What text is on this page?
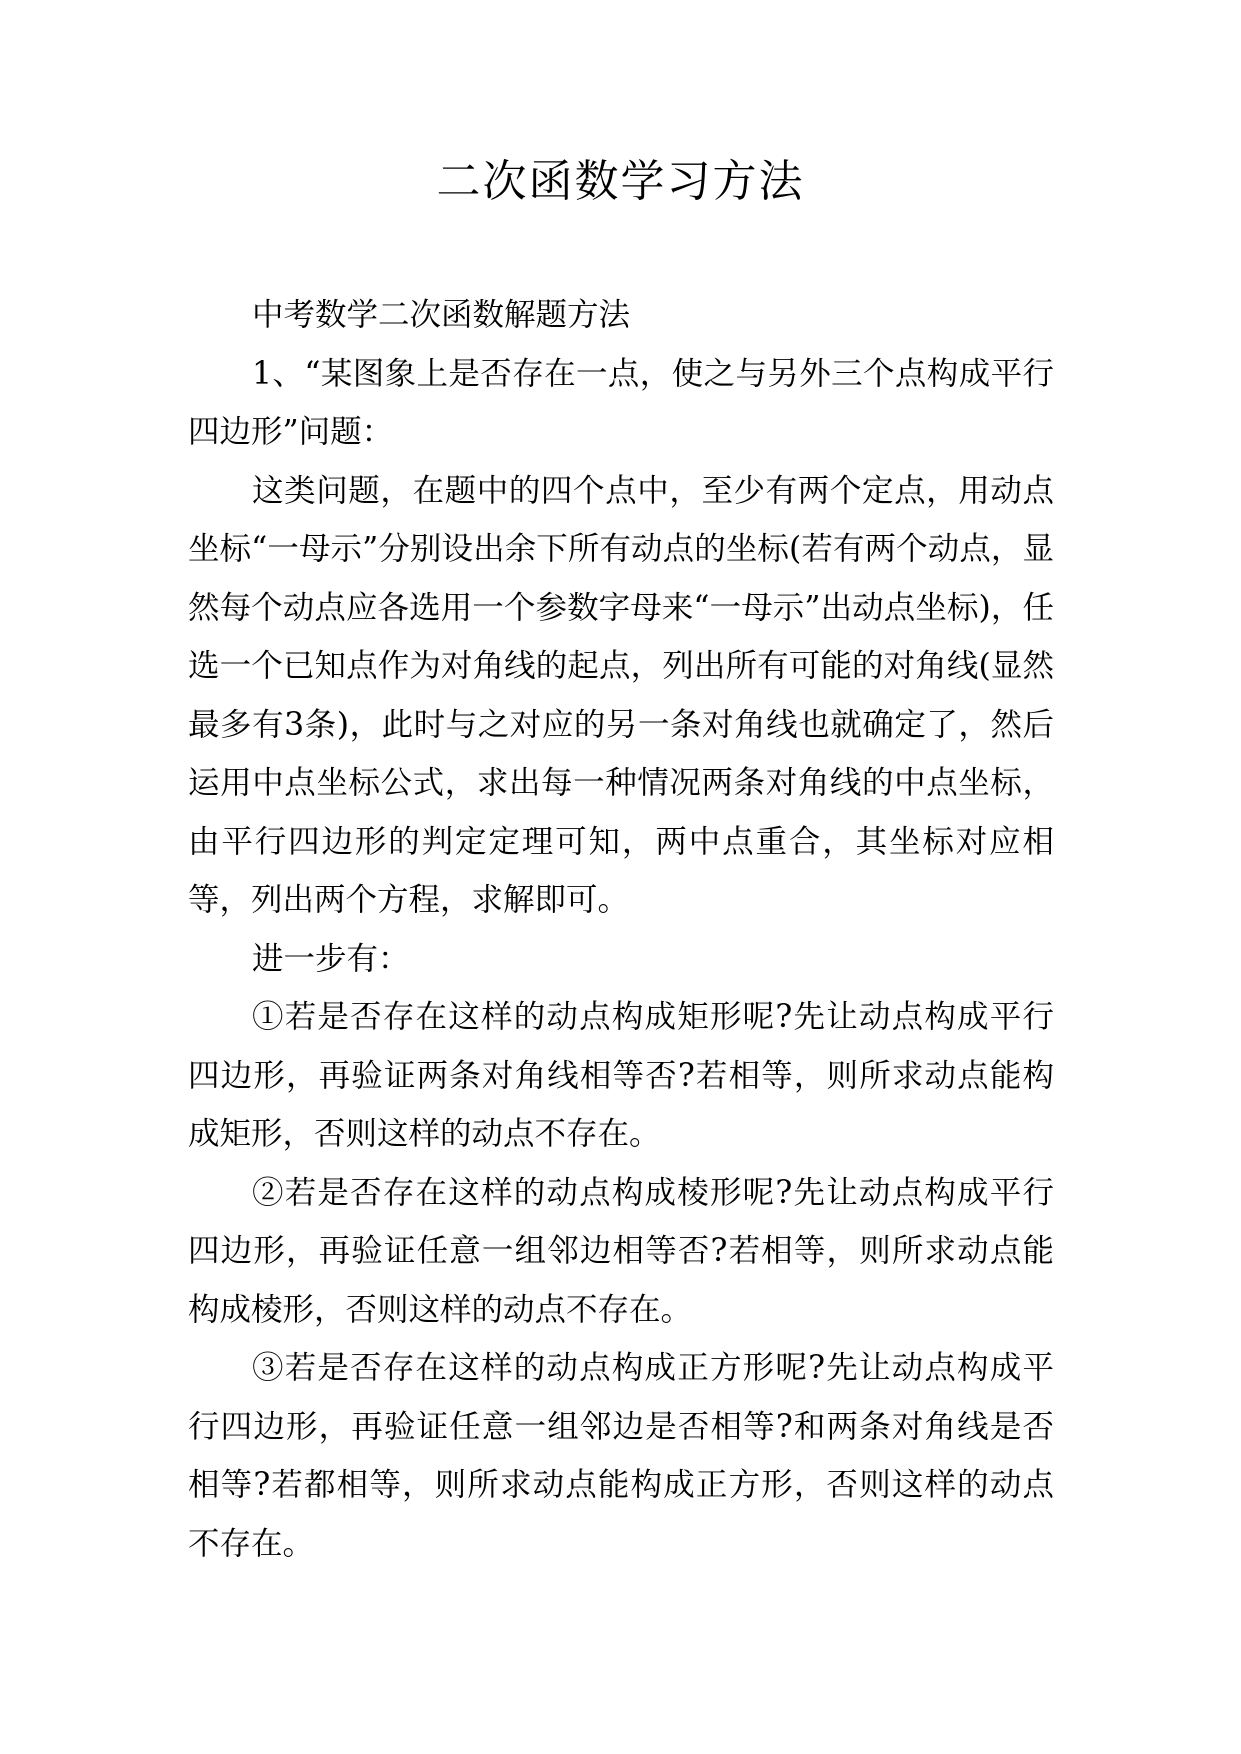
二次函数学习方法

中考数学二次函数解题方法

1、“某图象上是否存在一点，使之与另外三个点构成平行四边形”问题：

这类问题，在题中的四个点中，至少有两个定点，用动点坐标“一母示”分别设出余下所有动点的坐标(若有两个动点，显然每个动点应各选用一个参数字母来“一母示”出动点坐标)，任选一个已知点作为对角线的起点，列出所有可能的对角线(显然最多有3条)，此时与之对应的另一条对角线也就确定了，然后运用中点坐标公式，求出每一种情况两条对角线的中点坐标，由平行四边形的判定定理可知，两中点重合，其坐标对应相等，列出两个方程，求解即可。

进一步有：

①若是否存在这样的动点构成矩形呢?先让动点构成平行四边形，再验证两条对角线相等否?若相等，则所求动点能构成矩形，否则这样的动点不存在。

②若是否存在这样的动点构成棱形呢?先让动点构成平行四边形，再验证任意一组邻边相等否?若相等，则所求动点能构成棱形，否则这样的动点不存在。

③若是否存在这样的动点构成正方形呢?先让动点构成平行四边形，再验证任意一组邻边是否相等?和两条对角线是否相等?若都相等，则所求动点能构成正方形，否则这样的动点不存在。
